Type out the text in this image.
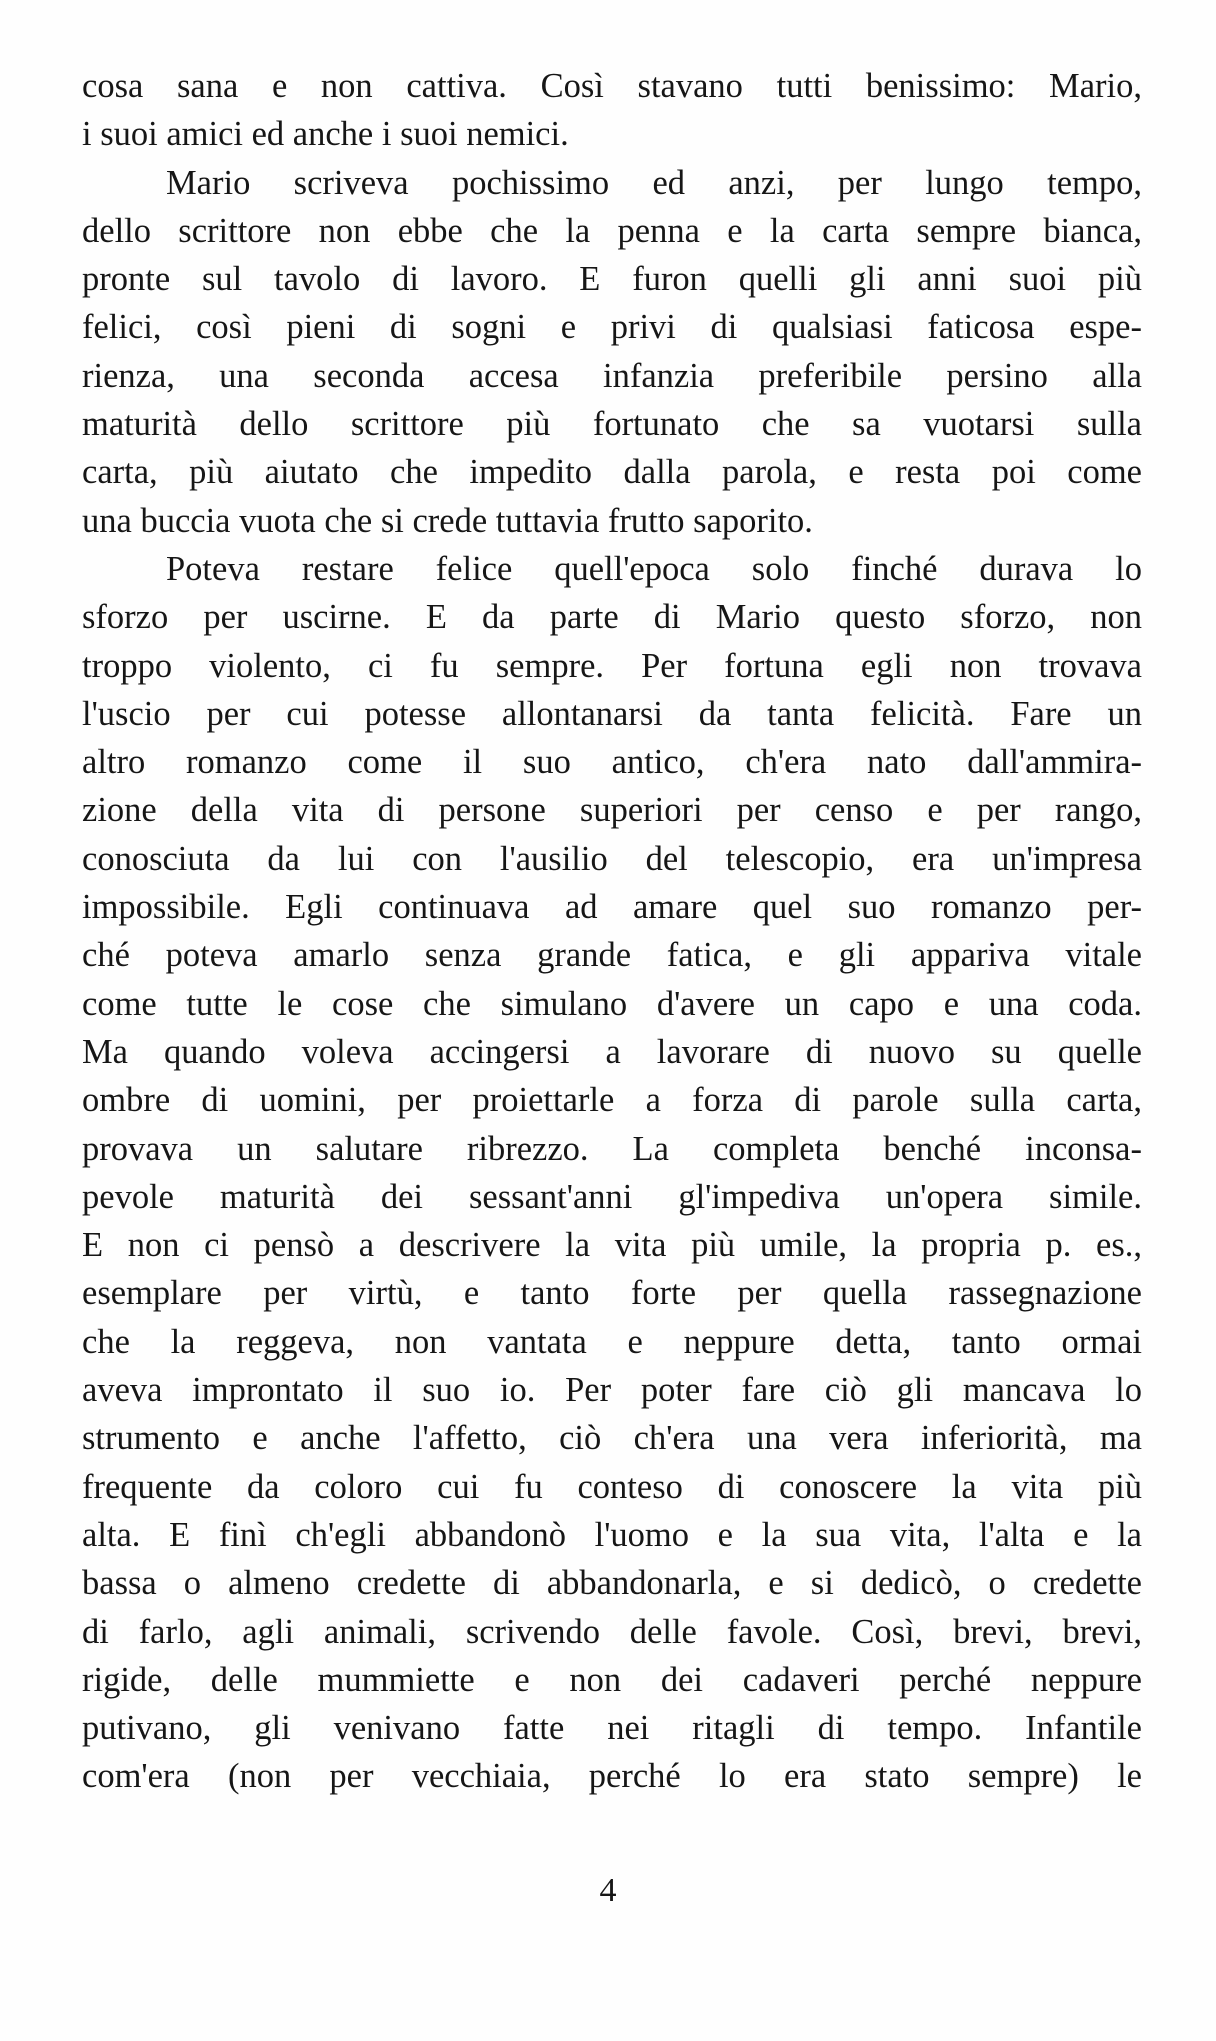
cosa sana e non cattiva. Così stavano tutti benissimo: Mario,
i suoi amici ed anche i suoi nemici.
Mario scriveva pochissimo ed anzi, per lungo tempo,
dello scrittore non ebbe che la penna e la carta sempre bianca,
pronte sul tavolo di lavoro. E furon quelli gli anni suoi più
felici, così pieni di sogni e privi di qualsiasi faticosa espe-
rienza, una seconda accesa infanzia preferibile persino alla
maturità dello scrittore più fortunato che sa vuotarsi sulla
carta, più aiutato che impedito dalla parola, e resta poi come
una buccia vuota che si crede tuttavia frutto saporito.
Poteva restare felice quell'epoca solo finché durava lo
sforzo per uscirne. E da parte di Mario questo sforzo, non
troppo violento, ci fu sempre. Per fortuna egli non trovava
l'uscio per cui potesse allontanarsi da tanta felicità. Fare un
altro romanzo come il suo antico, ch'era nato dall'ammira-
zione della vita di persone superiori per censo e per rango,
conosciuta da lui con l'ausilio del telescopio, era un'impresa
impossibile. Egli continuava ad amare quel suo romanzo per-
ché poteva amarlo senza grande fatica, e gli appariva vitale
come tutte le cose che simulano d'avere un capo e una coda.
Ma quando voleva accingersi a lavorare di nuovo su quelle
ombre di uomini, per proiettarle a forza di parole sulla carta,
provava un salutare ribrezzo. La completa benché inconsa-
pevole maturità dei sessant'anni gl'impediva un'opera simile.
E non ci pensò a descrivere la vita più umile, la propria p. es.,
esemplare per virtù, e tanto forte per quella rassegnazione
che la reggeva, non vantata e neppure detta, tanto ormai
aveva improntato il suo io. Per poter fare ciò gli mancava lo
strumento e anche l'affetto, ciò ch'era una vera inferiorità, ma
frequente da coloro cui fu conteso di conoscere la vita più
alta. E finì ch'egli abbandonò l'uomo e la sua vita, l'alta e la
bassa o almeno credette di abbandonarla, e si dedicò, o credette
di farlo, agli animali, scrivendo delle favole. Così, brevi, brevi,
rigide, delle mummiette e non dei cadaveri perché neppure
putivano, gli venivano fatte nei ritagli di tempo. Infantile
com'era (non per vecchiaia, perché lo era stato sempre) le
4
